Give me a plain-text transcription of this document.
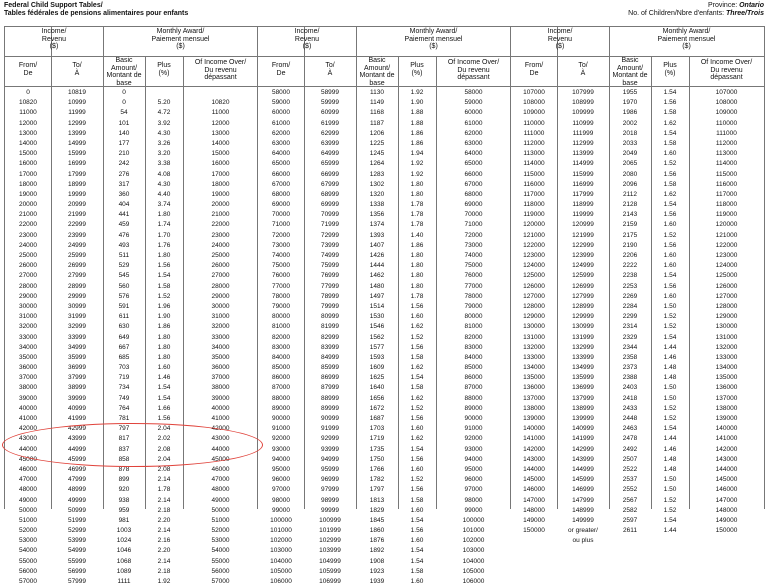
Federal Child Support Tables/
Tables fédérales de pensions alimentaires pour enfants
Province: Ontario
No. of Children/Nbre d'enfants: Three/Trois
Income/
Revenu
($)
Monthly Award/
Paiement mensuel
($)
From/
De
To/
À
Basic
Amount/
Montant de
base
Plus
(%)
Of Income Over/
Du revenu
dépassant
0	10819	0
10820	10999	0	5.20	10820
11000	11999	54	4.72	11000
12000	12999	101	3.92	12000
13000	13999	140	4.30	13000
14000	14999	177	3.26	14000
15000	15999	210	3.20	15000
16000	16999	242	3.38	16000
17000	17999	276	4.08	17000
18000	18999	317	4.30	18000
19000	19999	360	4.40	19000
20000	20999	404	3.74	20000
21000	21999	441	1.80	21000
22000	22999	459	1.74	22000
23000	23999	476	1.70	23000
24000	24999	493	1.76	24000
25000	25999	511	1.80	25000
26000	26999	529	1.56	26000
27000	27999	545	1.54	27000
28000	28999	560	1.58	28000
29000	29999	576	1.52	29000
30000	30999	591	1.96	30000
31000	31999	611	1.90	31000
32000	32999	630	1.86	32000
33000	33999	649	1.80	33000
34000	34999	667	1.80	34000
35000	35999	685	1.80	35000
36000	36999	703	1.60	36000
37000	37999	719	1.46	37000
38000	38999	734	1.54	38000
39000	39999	749	1.54	39000
40000	40999	764	1.66	40000
41000	41999	781	1.56	41000
42000	42999	797	2.04	42000
43000	43999	817	2.02	43000
44000	44999	837	2.08	44000
45000	45999	858	2.04	45000
46000	46999	878	2.08	46000
47000	47999	899	2.14	47000
48000	48999	920	1.78	48000
49000	49999	938	2.14	49000
50000	50999	959	2.18	50000
51000	51999	981	2.20	51000
52000	52999	1003	2.14	52000
53000	53999	1024	2.16	53000
54000	54999	1046	2.20	54000
55000	55999	1068	2.14	55000
56000	56999	1089	2.18	56000
57000	57999	1111	1.92	57000
Income/
Revenu
($)
Monthly Award/
Paiement mensuel
($)
From/
De
To/
À
Basic
Amount/
Montant de
base
Plus
(%)
Of Income Over/
Du revenu
dépassant
58000	58999	1130	1.92	58000
59000	59999	1149	1.90	59000
60000	60999	1168	1.88	60000
61000	61999	1187	1.88	61000
62000	62999	1206	1.86	62000
63000	63999	1225	1.86	63000
64000	64999	1245	1.94	64000
65000	65999	1264	1.92	65000
66000	66999	1283	1.92	66000
67000	67999	1302	1.80	67000
68000	68999	1320	1.80	68000
69000	69999	1338	1.78	69000
70000	70999	1356	1.78	70000
71000	71999	1374	1.78	71000
72000	72999	1393	1.40	72000
73000	73999	1407	1.86	73000
74000	74999	1426	1.80	74000
75000	75999	1444	1.80	75000
76000	76999	1462	1.80	76000
77000	77999	1480	1.80	77000
78000	78999	1497	1.78	78000
79000	79999	1514	1.56	79000
80000	80999	1530	1.60	80000
81000	81999	1546	1.62	81000
82000	82999	1562	1.52	82000
83000	83999	1577	1.56	83000
84000	84999	1593	1.58	84000
85000	85999	1609	1.62	85000
86000	86999	1625	1.54	86000
87000	87999	1640	1.58	87000
88000	88999	1656	1.62	88000
89000	89999	1672	1.52	89000
90000	90999	1687	1.56	90000
91000	91999	1703	1.60	91000
92000	92999	1719	1.62	92000
93000	93999	1735	1.54	93000
94000	94999	1750	1.56	94000
95000	95999	1766	1.60	95000
96000	96999	1782	1.52	96000
97000	97999	1797	1.56	97000
98000	98999	1813	1.58	98000
99000	99999	1829	1.60	99000
100000	100999	1845	1.54	100000
101000	101999	1860	1.56	101000
102000	102999	1876	1.60	102000
103000	103999	1892	1.54	103000
104000	104999	1908	1.54	104000
105000	105999	1923	1.58	105000
106000	106999	1939	1.60	106000
Income/
Revenu
($)
Monthly Award/
Paiement mensuel
($)
From/
De
To/
À
Basic
Amount/
Montant de
base
Plus
(%)
Of Income Over/
Du revenu
dépassant
107000	107999	1955	1.54	107000
108000	108999	1970	1.56	108000
109000	109999	1986	1.58	109000
110000	110999	2002	1.62	110000
111000	111999	2018	1.54	111000
112000	112999	2033	1.58	112000
113000	113999	2049	1.60	113000
114000	114999	2065	1.52	114000
115000	115999	2080	1.56	115000
116000	116999	2096	1.58	116000
117000	117999	2112	1.62	117000
118000	118999	2128	1.54	118000
119000	119999	2143	1.56	119000
120000	120999	2159	1.60	120000
121000	121999	2175	1.52	121000
122000	122999	2190	1.56	122000
123000	123999	2206	1.60	123000
124000	124999	2222	1.60	124000
125000	125999	2238	1.54	125000
126000	126999	2253	1.56	126000
127000	127999	2269	1.60	127000
128000	128999	2284	1.50	128000
129000	129999	2299	1.52	129000
130000	130999	2314	1.52	130000
131000	131999	2329	1.54	131000
132000	132999	2344	1.44	132000
133000	133999	2358	1.46	133000
134000	134999	2373	1.48	134000
135000	135999	2388	1.48	135000
136000	136999	2403	1.50	136000
137000	137999	2418	1.50	137000
138000	138999	2433	1.52	138000
139000	139999	2448	1.52	139000
140000	140999	2463	1.54	140000
141000	141999	2478	1.44	141000
142000	142999	2492	1.46	142000
143000	143999	2507	1.48	143000
144000	144999	2522	1.48	144000
145000	145999	2537	1.50	145000
146000	146999	2552	1.50	146000
147000	147999	2567	1.52	147000
148000	148999	2582	1.52	148000
149000	149999	2597	1.54	149000
150000	or greater/	2611	1.44	150000
ou plus
